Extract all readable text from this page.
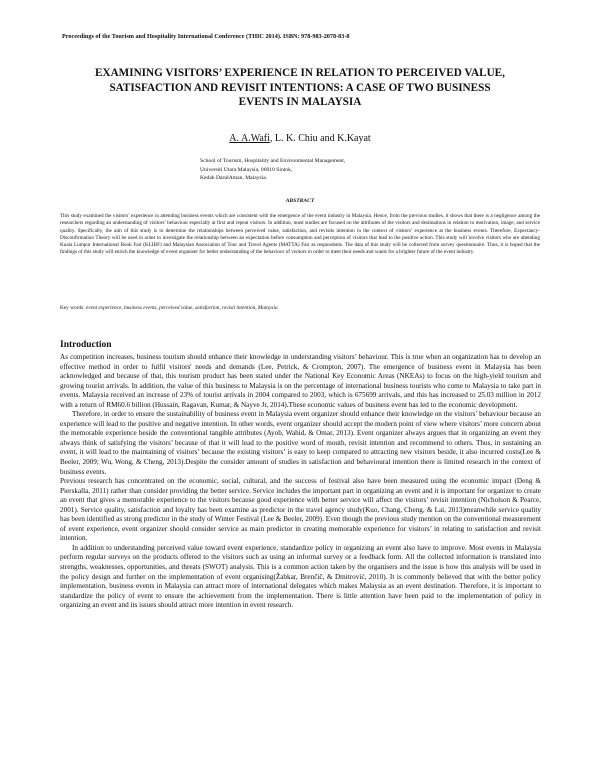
Proceedings of the Tourism and Hospitality International Conference (THIC 2014). ISBN: 978-983-2078-83-8
EXAMINING VISITORS’ EXPERIENCE IN RELATION TO PERCEIVED VALUE,
SATISFACTION AND REVISIT INTENTIONS: A CASE OF TWO BUSINESS
EVENTS IN MALAYSIA
A. A.Wafi, L. K. Chiu and K.Kayat
School of Tourism, Hospitality and Environmental Management,
Universiti Utara Malaysia, 06010 Sintok,
Kedah DarulAman, Malaysia.
ABSTRACT
This study examined the visitors’ experience in attending business events which are consistent with the emergence of the event industry in Malaysia. Hence, from the previous studies, it shows that there is a negligence among the researchers regarding an understanding of visitors’ behaviour especially at first and repeat visitors. In addition, most studies are focused on the attributes of the visitors and destinations in relation to motivation, image, and service quality. Specifically, the aim of this study is to determine the relationships between perceived value, satisfaction, and revisits intention in the context of visitors’ experience at the business events. Therefore, Expectancy-Disconfirmation Theory will be used in order to investigate the relationship between an expectation before consumption and perception of visitors that lead to the positive action. This study will involve visitors who are attending Kuala Lumpur International Book Fair (KLIBF) and Malaysian Association of Tour and Travel Agents (MATTA) Fair as respondents. The data of this study will be collected from survey questionnaire. Thus, it is hoped that the findings of this study will enrich the knowledge of event organiser for better understanding of the behaviour of visitors in order to meet their needs and wants for a brighter future of the event industry.
Key words: event experience, business events, perceived value, satisfaction, revisit intention, Malaysia
Introduction

As competition increases, business tourism should enhance their knowledge in understanding visitors’ behaviour. This is true when an organization has to develop an effective method in order to fulfil visitors' needs and demands (Lee, Petrick, & Crompton, 2007). The emergence of business event in Malaysia has been acknowledged and because of that, this tourism product has been stated under the National Key Economic Areas (NKEAs) to focus on the high-yield tourism and growing tourist arrivals. In addition, the value of this business to Malaysia is on the percentage of international business tourists who come to Malaysia to take part in events. Malaysia received an increase of 23% of tourist arrivals in 2004 compared to 2003, which is 675699 arrivals, and this has increased to 25.03 million in 2012 with a return of RM60.6 billion (Hussain, Ragavan, Kumar, & Nayve Jr, 2014).These economic values of business event has led to the economic development.

Therefore, in order to ensure the sustainability of business event in Malaysia event organizer should enhance their knowledge on the visitors’ behaviour because an experience will lead to the positive and negative intention. In other words, event organizer should accept the modern point of view where visitors’ more concern about the memorable experience beside the conventional tangible attributes (Ayob, Wahid, & Omar, 2013). Event organizer always argues that in organizing an event they always think of satisfying the visitors’ because of that it will lead to the positive word of mouth, revisit intention and recommend to others. Thus, in sustaining an event, it will lead to the maintaining of visitors’ because the existing visitors’ is easy to keep compared to attracting new visitors beside, it also incurred costs(Lee & Beeler, 2009; Wu, Wong, & Cheng, 2013).Despite the consider amount of studies in satisfaction and behavioural intention there is limited research in the context of business events.

Previous research has concentrated on the economic, social, cultural, and the success of festival also have been measured using the economic impact (Deng & Pierskalla, 2011) rather than consider providing the better service. Service includes the important part in organizing an event and it is important for organizer to create an event that gives a memorable experience to the visitors because good experience with better service will affect the visitors’ revisit intention (Nicholson & Pearce, 2001). Service quality, satisfaction and loyalty has been examine as predictor in the travel agency study(Kuo, Chang, Cheng, & Lai, 2013)meanwhile service quality has been identified as strong predictor in the study of Winter Festival (Lee & Beeler, 2009). Even though the previous study mention on the conventional measurement of event experience, event organizer should consider service as main predictor in creating memorable experience for visitors’ in relating to satisfaction and revisit intention.

In addition to understanding perceived value toward event experience, standardize policy in organizing an event also have to improve. Most events in Malaysia perform regular surveys on the products offered to the visitors such as using an informal survey or a feedback form. All the collected information is translated into strengths, weaknesses, opportunities, and threats (SWOT) analysis. This is a common action taken by the organisers and the issue is how this analysis will be used in the policy design and further on the implementation of event organising(Žabkar, Brenčič, & Dmitrović, 2010). It is commonly believed that with the better policy implementation, business events in Malaysia can attract more of international delegates which makes Malaysia as an event destination. Therefore, it is important to standardize the policy of event to ensure the achievement from the implementation. There is little attention have been paid to the implementation of policy in organizing an event and its issues should attract more intention in event research.
